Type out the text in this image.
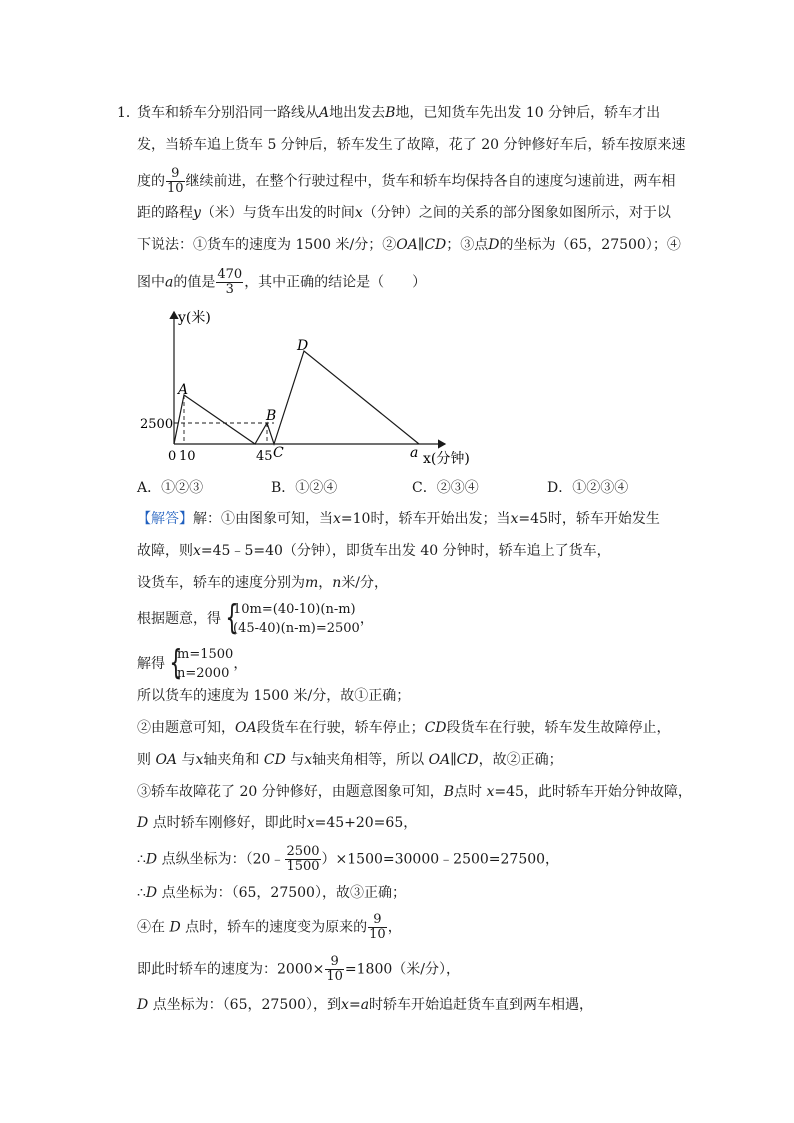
1．
货车和轿车分别沿同一路线从A地出发去B地，已知货车先出发 10 分钟后，轿车才出
发，当轿车追上货车 5 分钟后，轿车发生了故障，花了 20 分钟修好车后，轿车按原来速
度的 $\frac{9}{10}$ 继续前进，在整个行驶过程中，货车和轿车均保持各自的速度匀速前进，两车相
距的路程y（米）与货车出发的时间x（分钟）之间的关系的部分图象如图所示，对于以
下说法：①货车的速度为 1500 米/分；②OA∥CD；③点D的坐标为（65，27500）；④
图中a的值是 $\frac{470}{3}$ ，其中正确的结论是（　　）
y(米)
x(分钟)
2500
0 10	45	a
A
B
C
D
A．①②③	B．①②④	C．②③④	D．①②③④
【解答】解：①由图象可知，当x=10时，轿车开始出发；当x=45时，轿车开始发生
故障，则x=45﹣5=40（分钟），即货车出发 40 分钟时，轿车追上了货车，
设货车，轿车的速度分别为m，n米/分，
根据题意，得 {
10m=(40-10)(n-m)
(45-40)(n-m)=2500
，
解得 {
m=1500
n=2000
，
所以货车的速度为 1500 米/分，故①正确；
②由题意可知，OA段货车在行驶，轿车停止；CD段货车在行驶，轿车发生故障停止，
则 OA 与x轴夹角和 CD 与x轴夹角相等，所以 OA∥CD，故②正确；
③轿车故障花了 20 分钟修好，由题意图象可知，B点时 x=45，此时轿车开始分钟故障，
D 点时轿车刚修好，即此时x=45+20=65，
∴D 点纵坐标为：（20﹣ $\frac{2500}{1500}$ ）×1500=30000﹣2500=27500，
∴D 点坐标为：（65，27500），故③正确；
④在 D 点时，轿车的速度变为原来的 $\frac{9}{10}$ ，
即此时轿车的速度为：$2000\times \frac{9}{10} =1800$（米/分），
D 点坐标为：（65，27500），到x=a时轿车开始追赶货车直到两车相遇，
